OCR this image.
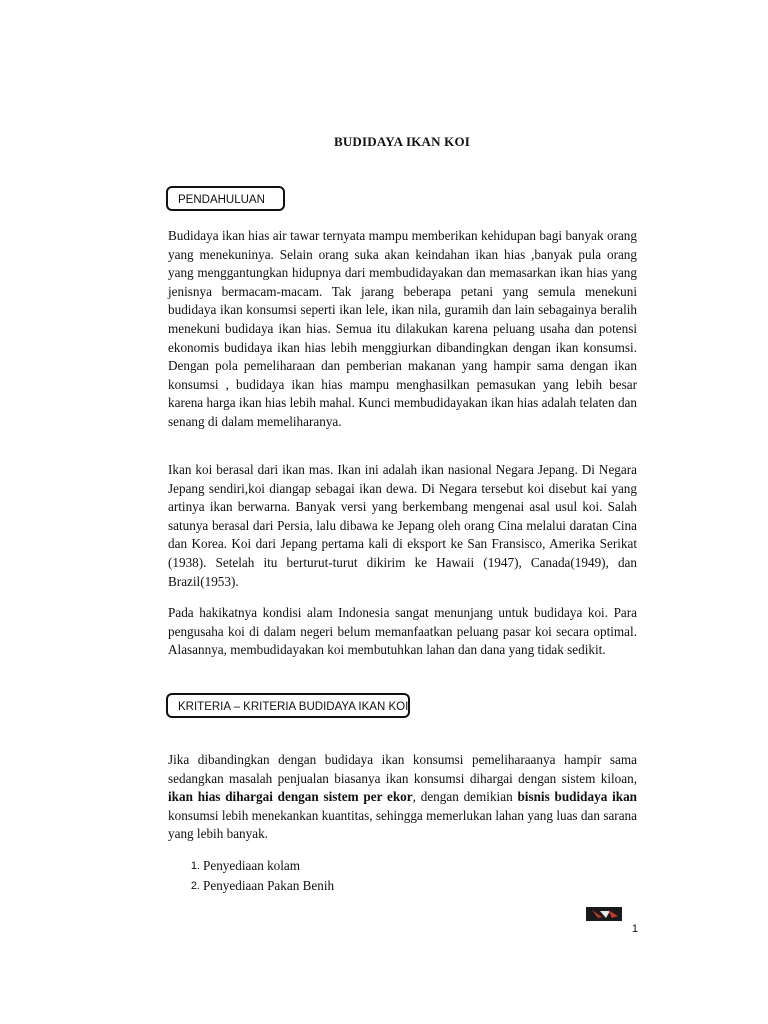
BUDIDAYA IKAN KOI
PENDAHULUAN

Budidaya ikan hias air tawar ternyata mampu memberikan kehidupan bagi banyak orang yang menekuninya. Selain orang suka akan keindahan ikan hias ,banyak pula orang yang menggantungkan hidupnya dari membudidayakan dan memasarkan ikan hias yang jenisnya bermacam-macam. Tak jarang beberapa petani yang semula menekuni budidaya ikan konsumsi seperti ikan lele, ikan nila, guramih dan lain sebagainya beralih menekuni budidaya ikan hias. Semua itu dilakukan karena peluang usaha dan potensi ekonomis budidaya ikan hias lebih menggiurkan dibandingkan dengan ikan konsumsi. Dengan pola pemeliharaan dan pemberian makanan yang hampir sama dengan ikan konsumsi , budidaya ikan hias mampu menghasilkan pemasukan yang lebih besar karena harga ikan hias lebih mahal. Kunci membudidayakan ikan hias adalah telaten dan senang di dalam memeliharanya.

Ikan koi berasal dari ikan mas. Ikan ini adalah ikan nasional Negara Jepang. Di Negara Jepang sendiri,koi diangap sebagai ikan dewa. Di Negara tersebut koi disebut kai yang artinya ikan berwarna. Banyak versi yang berkembang mengenai asal usul koi. Salah satunya berasal dari Persia, lalu dibawa ke Jepang oleh orang Cina melalui daratan Cina dan Korea. Koi dari Jepang pertama kali di eksport ke San Fransisco, Amerika Serikat (1938). Setelah itu berturut-turut dikirim ke Hawaii (1947), Canada(1949), dan Brazil(1953).

Pada hakikatnya kondisi alam Indonesia sangat menunjang untuk budidaya koi. Para pengusaha koi di dalam negeri belum memanfaatkan peluang pasar koi secara optimal. Alasannya, membudidayakan koi membutuhkan lahan dan dana yang tidak sedikit.

KRITERIA – KRITERIA BUDIDAYA IKAN KOI

Jika dibandingkan dengan budidaya ikan konsumsi pemeliharaanya hampir sama sedangkan masalah penjualan biasanya ikan konsumsi dihargai dengan sistem kiloan, ikan hias dihargai dengan sistem per ekor, dengan demikian bisnis budidaya ikan konsumsi lebih menekankan kuantitas, sehingga memerlukan lahan yang luas dan sarana yang lebih banyak.

1. Penyediaan kolam
2. Penyediaan Pakan Benih
1
